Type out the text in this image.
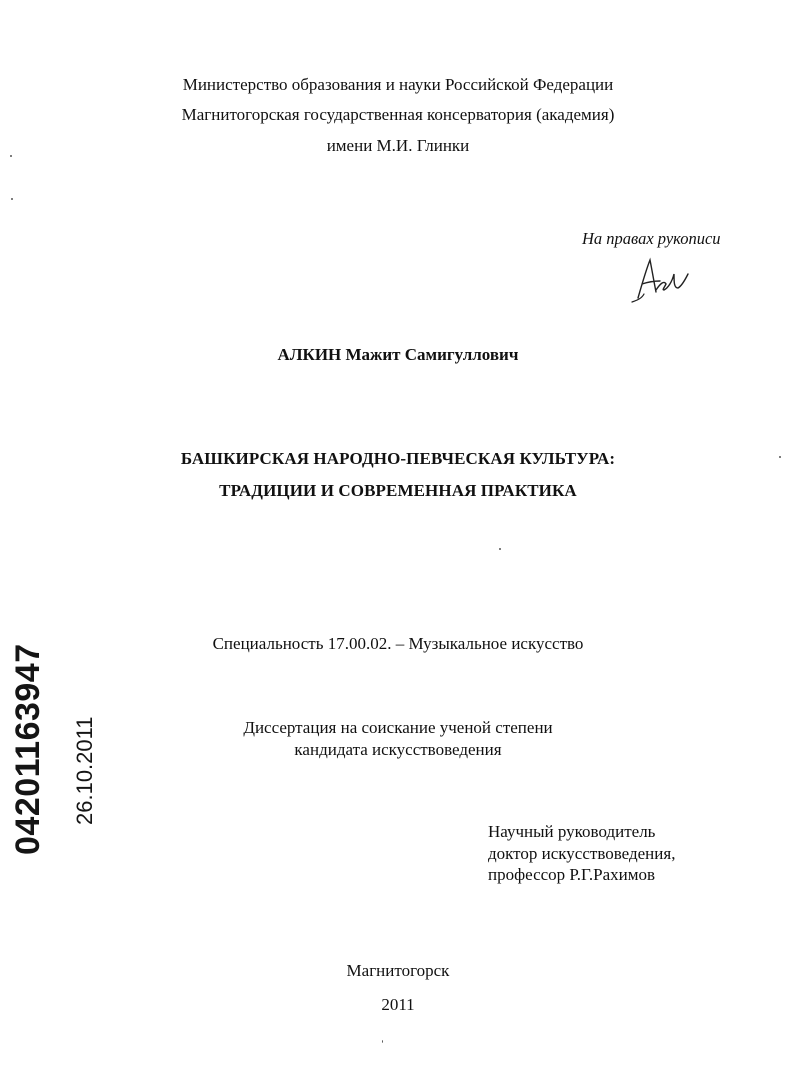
Министерство образования и науки Российской Федерации
Магнитогорская государственная консерватория (академия)
имени М.И. Глинки
На правах рукописи
АЛКИН Мажит Самигуллович
БАШКИРСКАЯ НАРОДНО-ПЕВЧЕСКАЯ КУЛЬТУРА:
ТРАДИЦИИ И СОВРЕМЕННАЯ ПРАКТИКА
Специальность 17.00.02. – Музыкальное искусство
Диссертация на соискание ученой степени
кандидата искусствоведения
Научный руководитель
доктор искусствоведения,
профессор Р.Г.Рахимов
Магнитогорск
2011
04201163947 26.10.2011
